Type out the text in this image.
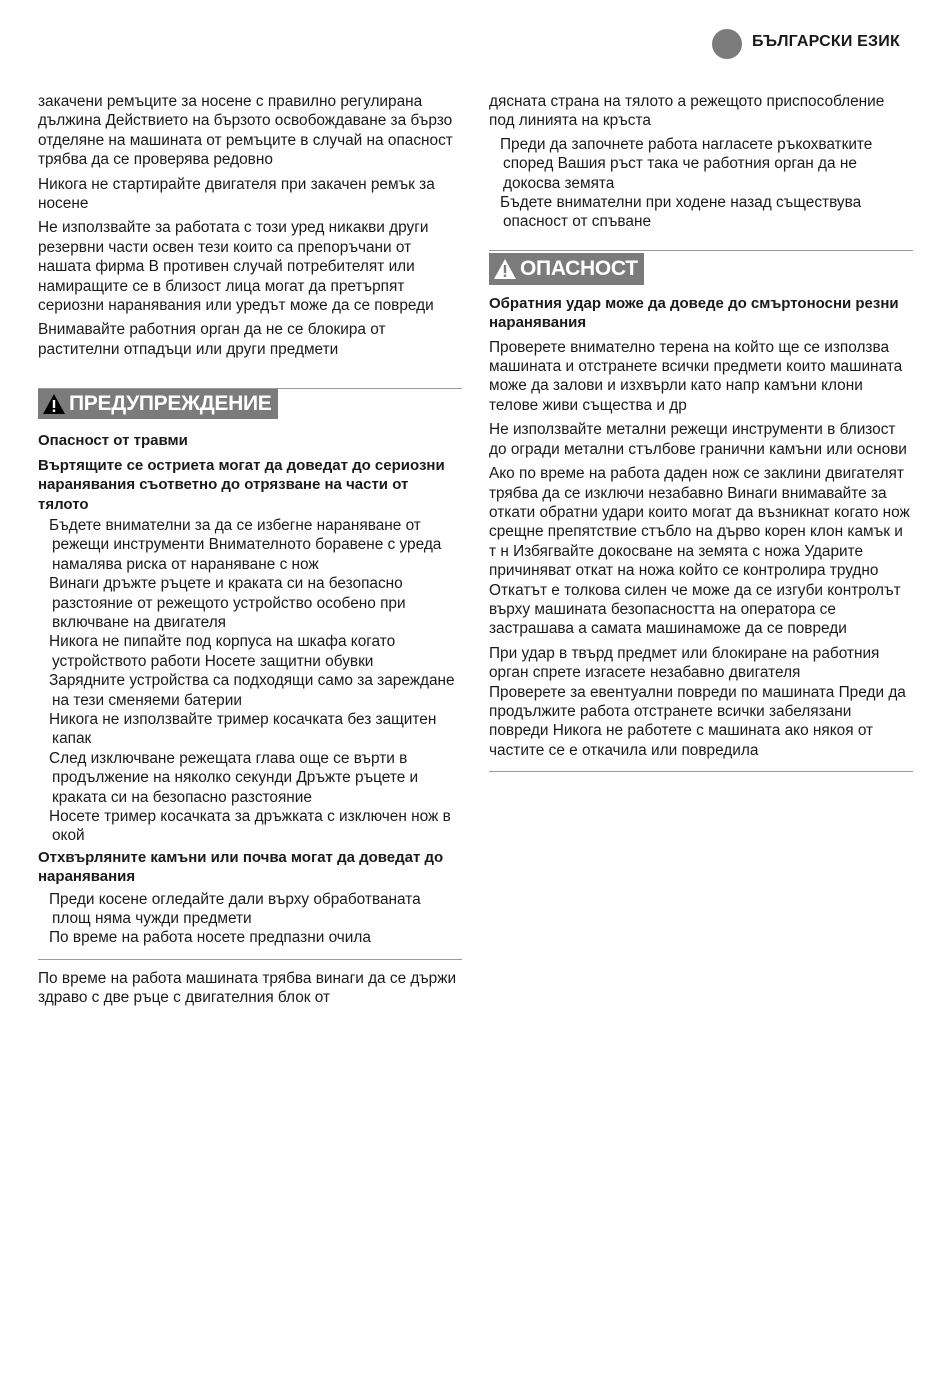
БЪЛГАРСКИ ЕЗИК

закачени ремъците за носене с правилно регулирана дължина Действието на бързото освобождаване за бързо отделяне на машината от ремъците в случай на опасност трябва да се проверява редовно

Никога не стартирайте двигателя при закачен ремък за носене

Не използвайте за работата с този уред никакви други резервни части освен тези които са препоръчани от нашата фирма В противен случай потребителят или намиращите се в близост лица могат да претърпят сериозни наранявания или уредът може да се повреди

Внимавайте работния орган да не се блокира от растителни отпадъци или други предмети

ПРЕДУПРЕЖДЕНИЕ

Опасност от травми

Въртящите се остриета могат да доведат до сериозни наранявания съответно до отрязване на части от тялото

Бъдете внимателни за да се избегне нараняване от режещи инструменти Внимателното боравене с уреда намалява риска от нараняване с нож

Винаги дръжте ръцете и краката си на безопасно разстояние от режещото устройство особено при включване на двигателя

Никога не пипайте под корпуса на шкафа когато устройството работи Носете защитни обувки

Зарядните устройства са подходящи само за зареждане на тези сменяеми батерии

Никога не използвайте тример косачката без защитен капак

След изключване режещата глава още се върти в продължение на няколко секунди Дръжте ръцете и краката си на безопасно разстояние

Носете тример косачката за дръжката с изключен нож в окой

Отхвърляните камъни или почва могат да доведат до наранявания

Преди косене огледайте дали върху обработваната площ няма чужди предмети

По време на работа носете предпазни очила

По време на работа машината трябва винаги да се държи здраво с две ръце с двигателния блок от

дясната страна на тялото а режещото приспособление под линията на кръста

Преди да започнете работа нагласете ръкохватките според Вашия ръст така че работния орган да не докосва земята

Бъдете внимателни при ходене назад съществува опасност от спъване

ОПАСНОСТ

Обратния удар може да доведе до смъртоносни резни наранявания

Проверете внимателно терена на който ще се използва машината и отстранете всички предмети които машината може да залови и изхвърли като напр камъни клони телове живи същества и др

Не използвайте метални режещи инструменти в близост до огради метални стълбове гранични камъни или основи

Ако по време на работа даден нож се заклини двигателят трябва да се изключи незабавно Винаги внимавайте за откати обратни удари които могат да възникнат когато нож срещне препятствие стъбло на дърво корен клон камък и т н Избягвайте докосване на земята с ножа Ударите причиняват откат на ножа който се контролира трудно Откатът е толкова силен че може да се изгуби контролът върху машината безопасността на оператора се застрашава а самата машинаможе да се повреди

При удар в твърд предмет или блокиране на работния орган спрете изгасете незабавно двигателя

Проверете за евентуални повреди по машината Преди да продължите работа отстранете всички забелязани повреди Никога не работете с машината ако някоя от частите се е откачила или повредила
